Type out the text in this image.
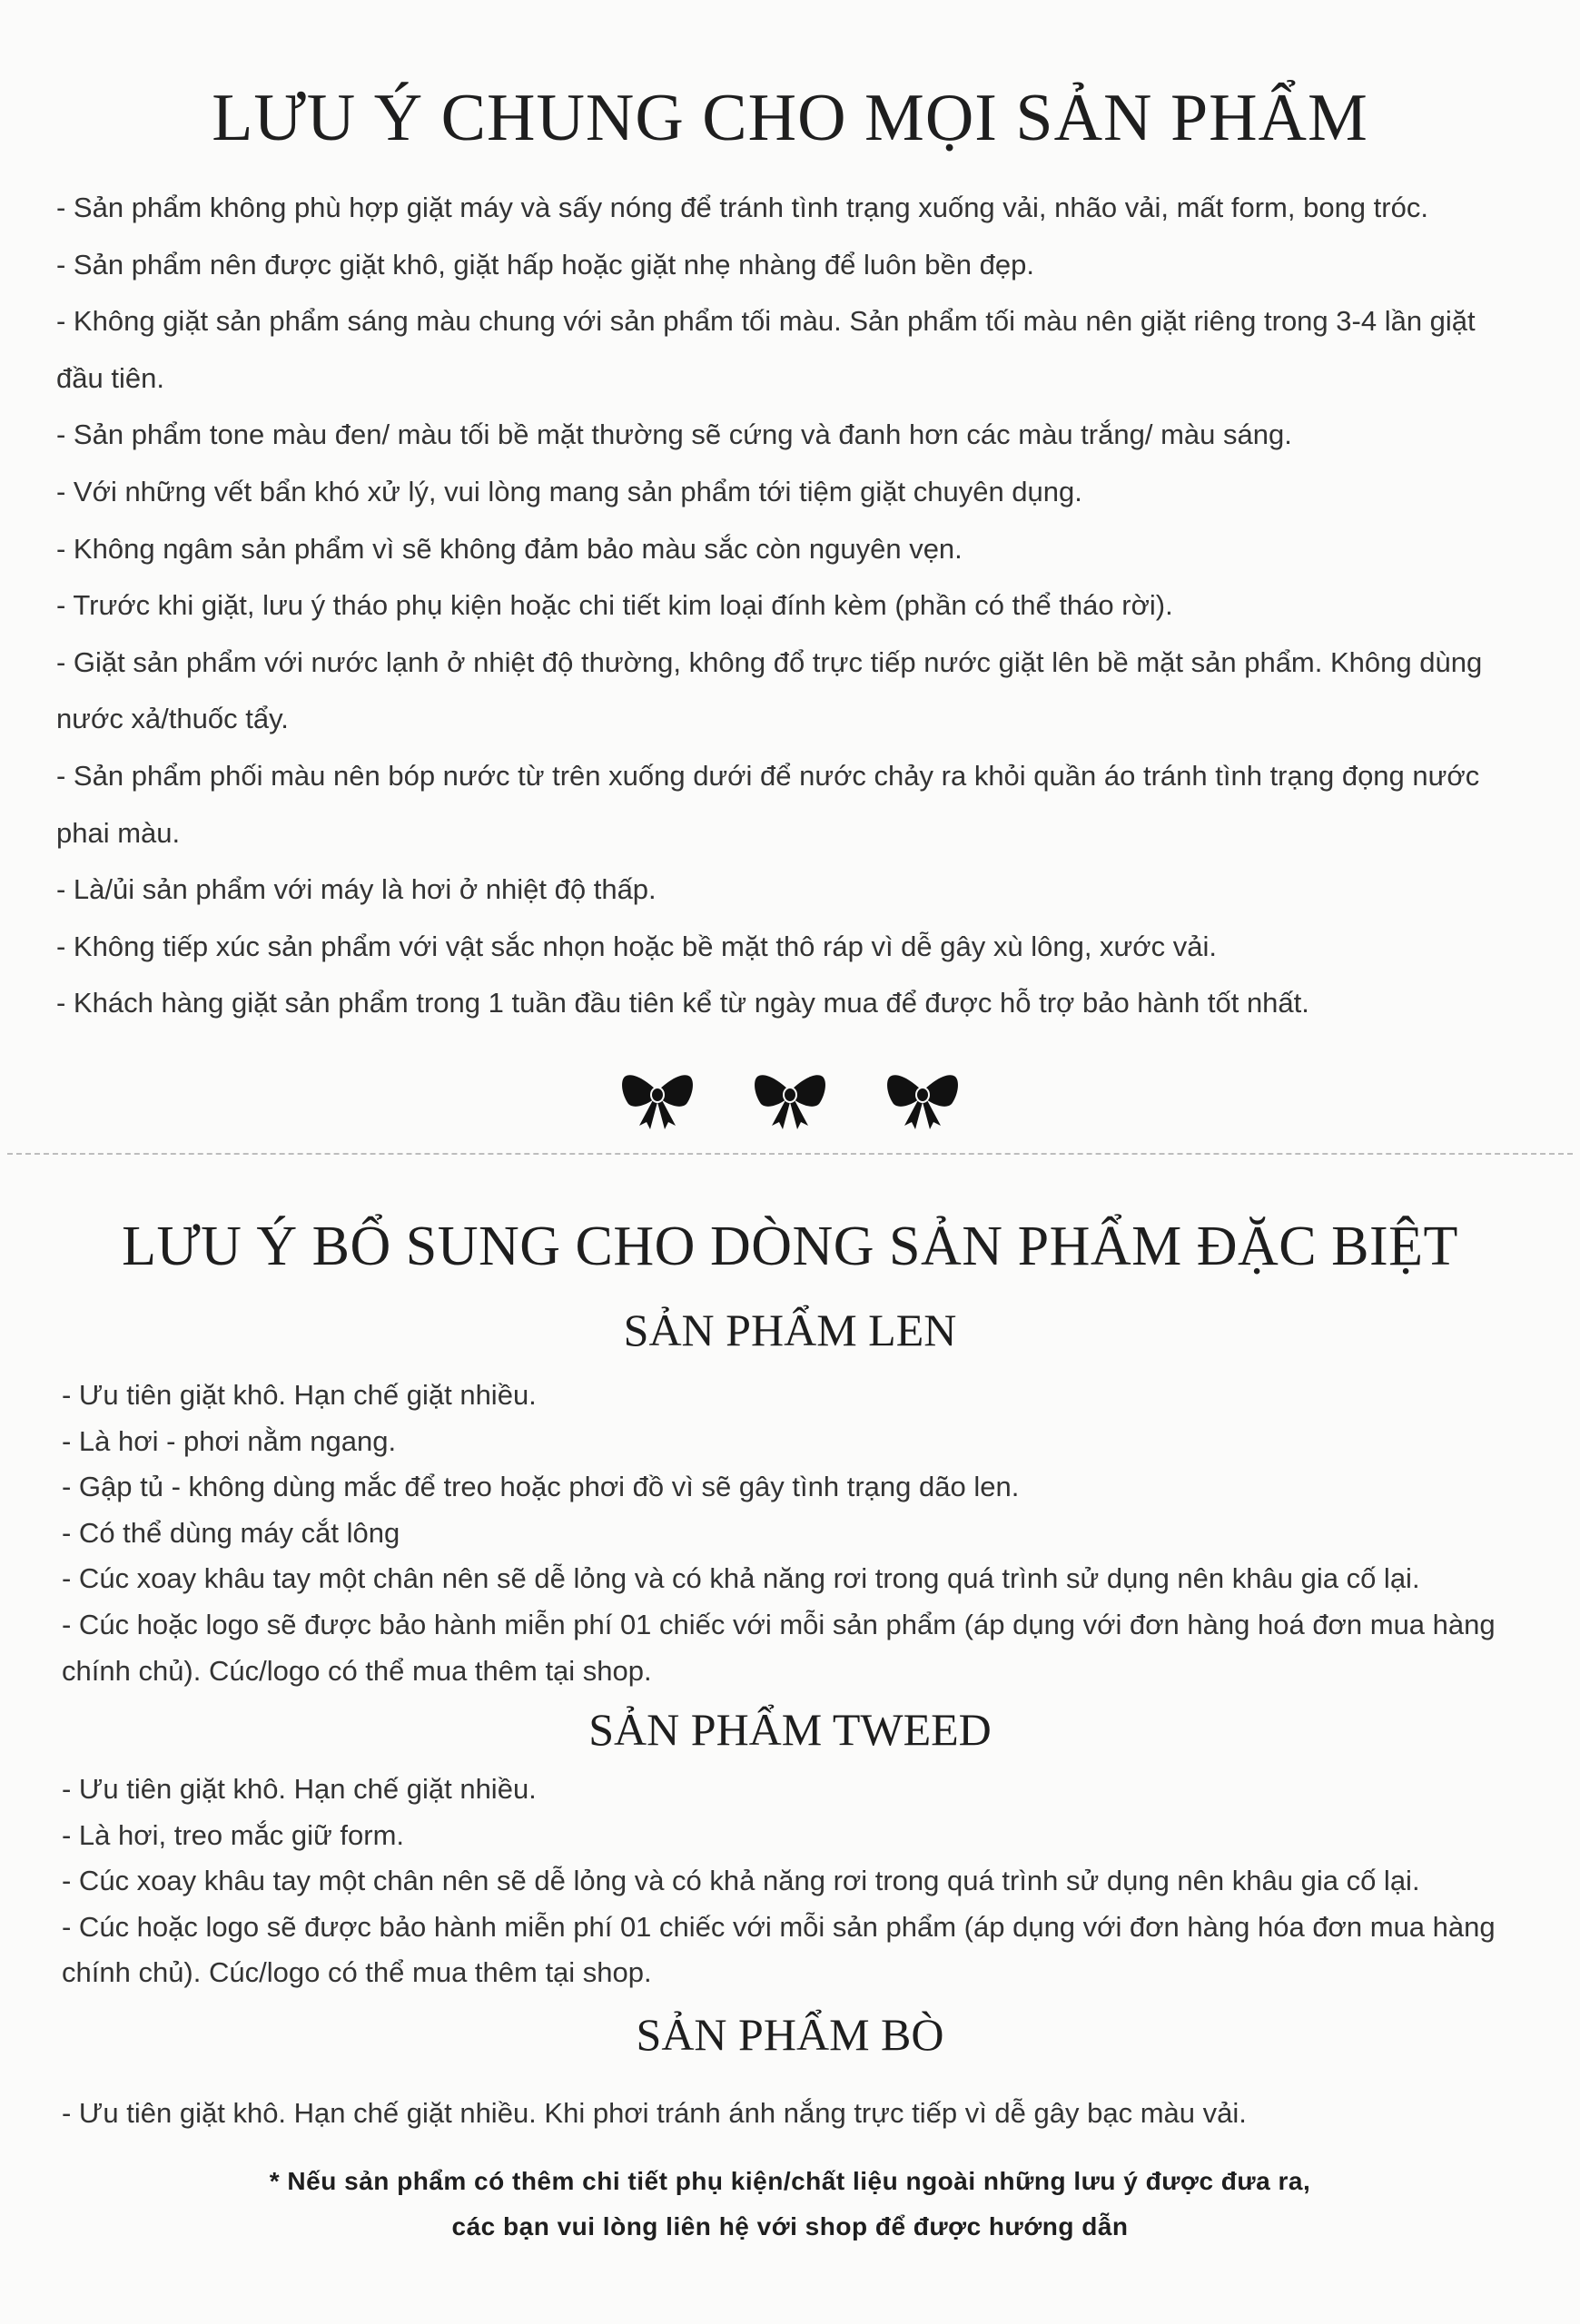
LƯU Ý CHUNG CHO MỌI SẢN PHẨM
- Sản phẩm không phù hợp giặt máy và sấy nóng để tránh tình trạng xuống vải, nhão vải, mất form, bong tróc.
- Sản phẩm nên được giặt khô, giặt hấp hoặc giặt nhẹ nhàng để luôn bền đẹp.
- Không giặt sản phẩm sáng màu chung với sản phẩm tối màu. Sản phẩm tối màu nên giặt riêng trong 3-4 lần giặt đầu tiên.
- Sản phẩm tone màu đen/ màu tối bề mặt thường sẽ cứng và đanh hơn các màu trắng/ màu sáng.
- Với những vết bẩn khó xử lý, vui lòng mang sản phẩm tới tiệm giặt chuyên dụng.
- Không ngâm sản phẩm vì sẽ không đảm bảo màu sắc còn nguyên vẹn.
- Trước khi giặt, lưu ý tháo phụ kiện hoặc chi tiết kim loại đính kèm (phần có thể tháo rời).
- Giặt sản phẩm với nước lạnh ở nhiệt độ thường, không đổ trực tiếp nước giặt lên bề mặt sản phẩm. Không dùng nước xả/thuốc tẩy.
- Sản phẩm phối màu nên bóp nước từ trên xuống dưới để nước chảy ra khỏi quần áo tránh tình trạng đọng nước phai màu.
- Là/ủi sản phẩm với máy là hơi ở nhiệt độ thấp.
- Không tiếp xúc sản phẩm với vật sắc nhọn hoặc bề mặt thô ráp vì dễ gây xù lông, xước vải.
- Khách hàng giặt sản phẩm trong 1 tuần đầu tiên kể từ ngày mua để được hỗ trợ bảo hành tốt nhất.
LƯU Ý BỔ SUNG CHO DÒNG SẢN PHẨM ĐẶC BIỆT
SẢN PHẨM LEN
- Ưu tiên giặt khô. Hạn chế giặt nhiều.
- Là hơi - phơi nằm ngang.
- Gập tủ - không dùng mắc để treo hoặc phơi đồ vì sẽ gây tình trạng dão len.
- Có thể dùng máy cắt lông
- Cúc xoay khâu tay một chân nên sẽ dễ lỏng và có khả năng rơi trong quá trình sử dụng nên khâu gia cố lại.
- Cúc hoặc logo sẽ được bảo hành miễn phí 01 chiếc với mỗi sản phẩm (áp dụng với đơn hàng hoá đơn mua hàng chính chủ). Cúc/logo có thể mua thêm tại shop.
SẢN PHẨM TWEED
- Ưu tiên giặt khô. Hạn chế giặt nhiều.
- Là hơi, treo mắc giữ form.
- Cúc xoay khâu tay một chân nên sẽ dễ lỏng và có khả năng rơi trong quá trình sử dụng nên khâu gia cố lại.
- Cúc hoặc logo sẽ được bảo hành miễn phí 01 chiếc với mỗi sản phẩm (áp dụng với đơn hàng hóa đơn mua hàng chính chủ). Cúc/logo có thể mua thêm tại shop.
SẢN PHẨM BÒ
- Ưu tiên giặt khô. Hạn chế giặt nhiều. Khi phơi tránh ánh nắng trực tiếp vì dễ gây bạc màu vải.
* Nếu sản phẩm có thêm chi tiết phụ kiện/chất liệu ngoài những lưu ý được đưa ra,
các bạn vui lòng liên hệ với shop để được hướng dẫn
